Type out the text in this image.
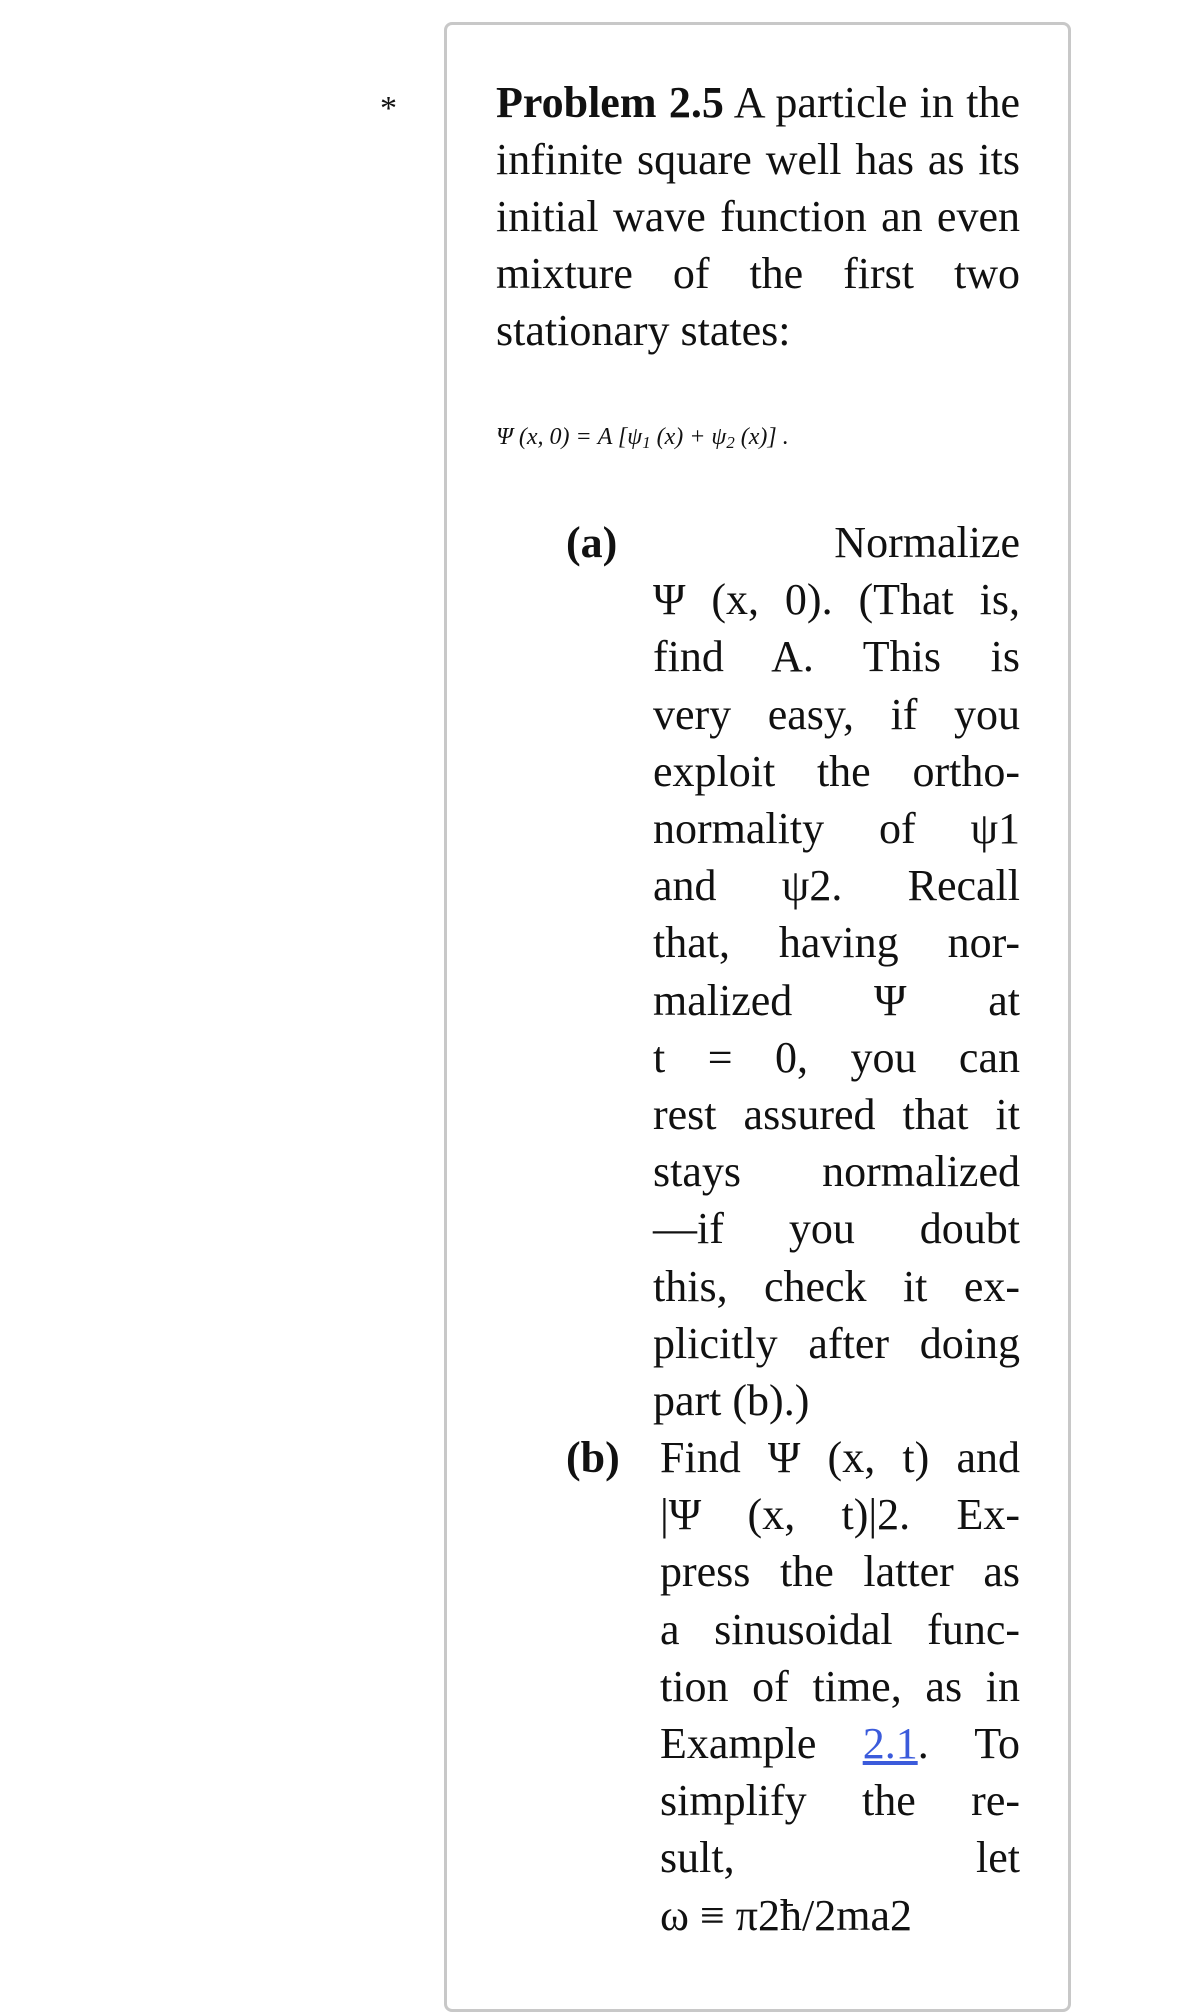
* Problem 2.5 A particle in the infinite square well has as its initial wave function an even mixture of the first two stationary states:
Ψ (x, 0) = A [$\psi_1$ $(x) + \psi_2$ (x)] .
(a)	Normalize
Ψ (x, 0). (That is,
find A. This is
very easy, if you
exploit the ortho-
normality of ψ1
and ψ2. Recall
that, having nor-
malized Ψ at
t = 0, you can
rest assured that it
stays normalized
—if you doubt
this, check it ex-
plicitly after doing
part (b).)
(b) Find Ψ (x, t) and
|Ψ (x, t)|2. Ex-
press the latter as
a sinusoidal func-
tion of time, as in
Example 2.1. To
simplify the re-
sult, let
ω ≡ π2ħ/2ma2
